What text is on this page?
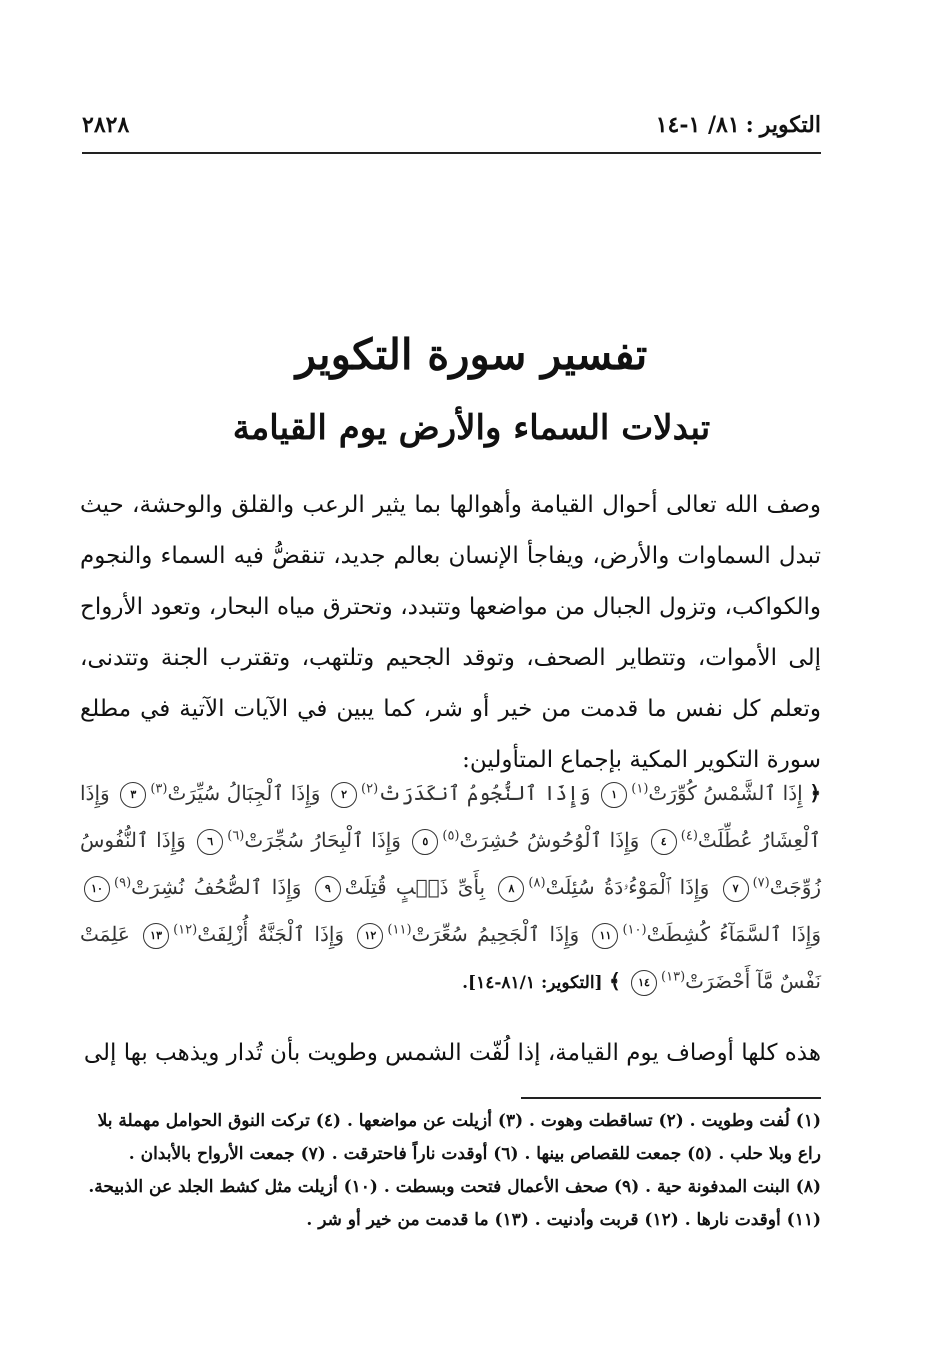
التكوير
:
٨١/ ١-١٤
٢٨٢٨
تفسير سورة التكوير
تبدلات السماء والأرض يوم القيامة

وصف الله تعالى أحوال القيامة وأهوالها بما يثير الرعب والقلق والوحشة، حيث تبدل السماوات والأرض، ويفاجأ الإنسان بعالم جديد، تنقضُّ فيه السماء والنجوم والكواكب، وتزول الجبال من مواضعها وتتبدد، وتحترق مياه البحار، وتعود الأرواح إلى الأموات، وتتطاير الصحف، وتوقد الجحيم وتلتهب، وتقترب الجنة وتتدنى، وتعلم كل نفس ما قدمت من خير أو شر، كما يبين في الآيات الآتية في مطلع سورة التكوير المكية بإجماع المتأولين:

﴿ إِذَا ٱلشَّمْسُ كُوِّرَتْ$^{(١)}$١ وَإِذَا ٱلنُّجُومُ ٱنكَدَرَتْ$^{(٢)}$٢ وَإِذَا ٱلْجِبَالُ سُيِّرَتْ$^{(٣)}$٣ وَإِذَا ٱلْعِشَارُ عُطِّلَتْ$^{(٤)}$٤ وَإِذَا ٱلْوُحُوشُ حُشِرَتْ$^{(٥)}$٥ وَإِذَا ٱلْبِحَارُ سُجِّرَتْ$^{(٦)}$٦ وَإِذَا ٱلنُّفُوسُ زُوِّجَتْ$^{(٧)}$٧ وَإِذَا ٱلْمَوْءُۥدَةُ سُئِلَتْ$^{(٨)}$٨ بِأَىِّ ذَنۢبٍ قُتِلَتْ٩ وَإِذَا ٱلصُّحُفُ نُشِرَتْ$^{(٩)}$١٠ وَإِذَا ٱلسَّمَآءُ كُشِطَتْ$^{(١٠)}$١١ وَإِذَا ٱلْجَحِيمُ سُعِّرَتْ$^{(١١)}$١٢ وَإِذَا ٱلْجَنَّةُ أُزْلِفَتْ$^{(١٢)}$١٣ عَلِمَتْ نَفْسٌ مَّآ أَحْضَرَتْ$^{(١٣)}$١٤ ﴾ [التكوير: ٨١/١-١٤].

هذه كلها أوصاف يوم القيامة، إذا لُفّت الشمس وطويت بأن تُدار ويذهب بها إلى

(١) لُفت وطويت . (٢) تساقطت وهوت . (٣) أزيلت عن مواضعها . (٤) تركت النوق الحوامل مهملة بلا راع وبلا حلب . (٥) جمعت للقصاص بينها . (٦) أوقدت ناراً فاحترقت . (٧) جمعت الأرواح بالأبدان .
(٨) البنت المدفونة حية . (٩) صحف الأعمال فتحت وبسطت . (١٠) أزيلت مثل كشط الجلد عن الذبيحة.
(١١) أوقدت نارها . (١٢) قربت وأدنيت . (١٣) ما قدمت من خير أو شر .
